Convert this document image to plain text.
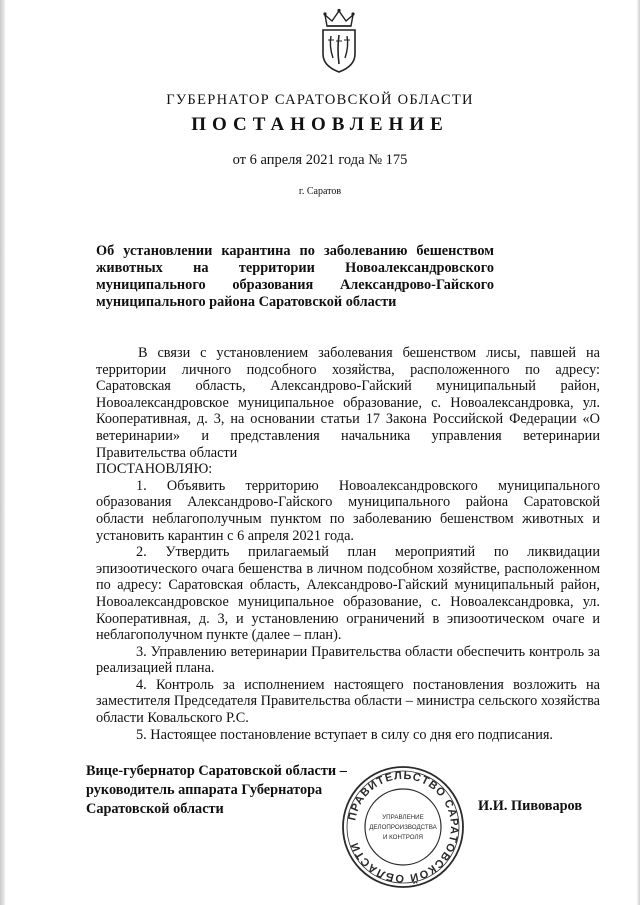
ГУБЕРНАТОР САРАТОВСКОЙ ОБЛАСТИ
ПОСТАНОВЛЕНИЕ
от 6 апреля 2021 года № 175
г. Саратов
Об установлении карантина по заболеванию бешенством
животных на территории Новоалександровского
муниципального образования Александрово-Гайского
муниципального района Саратовской области

В связи с установлением заболевания бешенством лисы, павшей на территории личного подсобного хозяйства, расположенного по адресу: Саратовская область, Александрово-Гайский муниципальный район, Новоалександровское муниципальное образование, с. Новоалександровка, ул. Кооперативная, д. 3, на основании статьи 17 Закона Российской Федерации «О ветеринарии» и представления начальника управления ветеринарии Правительства области

ПОСТАНОВЛЯЮ:

1. Объявить территорию Новоалександровского муниципального образования Александрово-Гайского муниципального района Саратовской области неблагополучным пунктом по заболеванию бешенством животных и установить карантин с 6 апреля 2021 года.

2. Утвердить прилагаемый план мероприятий по ликвидации эпизоотического очага бешенства в личном подсобном хозяйстве, расположенном по адресу: Саратовская область, Александрово-Гайский муниципальный район, Новоалександровское муниципальное образование, с. Новоалександровка, ул. Кооперативная, д. 3, и установлению ограничений в эпизоотическом очаге и неблагополучном пункте (далее – план).

3. Управлению ветеринарии Правительства области обеспечить контроль за реализацией плана.

4. Контроль за исполнением настоящего постановления возложить на заместителя Председателя Правительства области – министра сельского хозяйства области Ковальского Р.С.

5. Настоящее постановление вступает в силу со дня его подписания.

Вице-губернатор Саратовской области –
руководитель аппарата Губернатора
Саратовской области	И.И. Пивоваров
ПРАВИТЕЛЬСТВО САРАТОВСКОЙ ОБЛАСТИ
УПРАВЛЕНИЕ
ДЕЛОПРОИЗВОДСТВА
И КОНТРОЛЯ
